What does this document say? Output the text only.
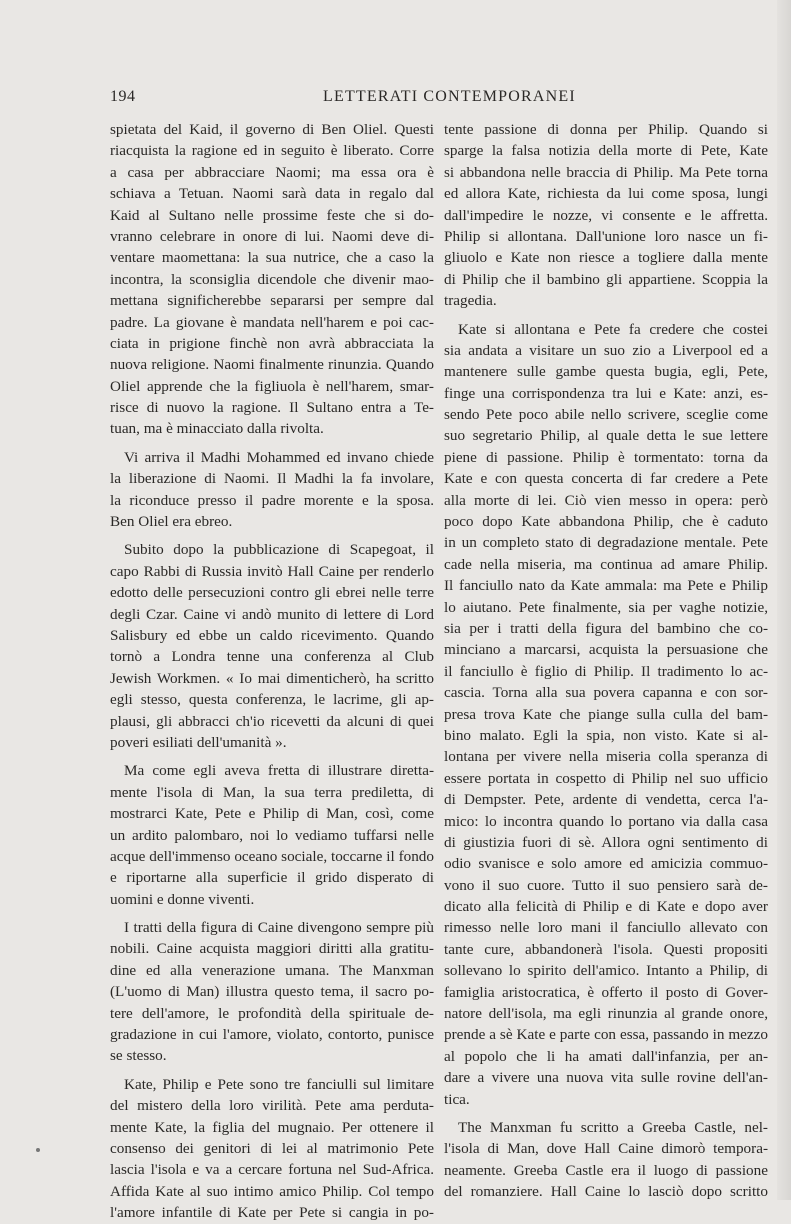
194	LETTERATI CONTEMPORANEI
spietata del Kaid, il governo di Ben Oliel. Questi
riacquista la ragione ed in seguito è liberato. Corre
a casa per abbracciare Naomi; ma essa ora è
schiava a Tetuan. Naomi sarà data in regalo dal
Kaid al Sultano nelle prossime feste che si do-
vranno celebrare in onore di lui. Naomi deve di-
ventare maomettana: la sua nutrice, che a caso la
incontra, la sconsiglia dicendole che divenir mao-
mettana significherebbe separarsi per sempre dal
padre. La giovane è mandata nell'harem e poi cac-
ciata in prigione finchè non avrà abbracciata la
nuova religione. Naomi finalmente rinunzia. Quando
Oliel apprende che la figliuola è nell'harem, smar-
risce di nuovo la ragione. Il Sultano entra a Te-
tuan, ma è minacciato dalla rivolta.
Vi arriva il Madhi Mohammed ed invano chiede
la liberazione di Naomi. Il Madhi la fa involare,
la riconduce presso il padre morente e la sposa.
Ben Oliel era ebreo.
Subito dopo la pubblicazione di Scapegoat, il
capo Rabbi di Russia invitò Hall Caine per renderlo
edotto delle persecuzioni contro gli ebrei nelle terre
degli Czar. Caine vi andò munito di lettere di Lord
Salisbury ed ebbe un caldo ricevimento. Quando
tornò a Londra tenne una conferenza al Club
Jewish Workmen. « Io mai dimenticherò, ha scritto
egli stesso, questa conferenza, le lacrime, gli ap-
plausi, gli abbracci ch'io ricevetti da alcuni di quei
poveri esiliati dell'umanità ».
Ma come egli aveva fretta di illustrare diretta-
mente l'isola di Man, la sua terra prediletta, di
mostrarci Kate, Pete e Philip di Man, così, come
un ardito palombaro, noi lo vediamo tuffarsi nelle
acque dell'immenso oceano sociale, toccarne il fondo
e riportarne alla superficie il grido disperato di
uomini e donne viventi.
I tratti della figura di Caine divengono sempre più
nobili. Caine acquista maggiori diritti alla gratitu-
dine ed alla venerazione umana. The Manxman
(L'uomo di Man) illustra questo tema, il sacro po-
tere dell'amore, le profondità della spirituale de-
gradazione in cui l'amore, violato, contorto, punisce
se stesso.
Kate, Philip e Pete sono tre fanciulli sul limitare
del mistero della loro virilità. Pete ama perduta-
mente Kate, la figlia del mugnaio. Per ottenere il
consenso dei genitori di lei al matrimonio Pete
lascia l'isola e va a cercare fortuna nel Sud-Africa.
Affida Kate al suo intimo amico Philip. Col tempo
l'amore infantile di Kate per Pete si cangia in po-
tente passione di donna per Philip. Quando si
sparge la falsa notizia della morte di Pete, Kate
si abbandona nelle braccia di Philip. Ma Pete torna
ed allora Kate, richiesta da lui come sposa, lungi
dall'impedire le nozze, vi consente e le affretta.
Philip si allontana. Dall'unione loro nasce un fi-
gliuolo e Kate non riesce a togliere dalla mente
di Philip che il bambino gli appartiene. Scoppia la
tragedia.
Kate si allontana e Pete fa credere che costei
sia andata a visitare un suo zio a Liverpool ed a
mantenere sulle gambe questa bugia, egli, Pete,
finge una corrispondenza tra lui e Kate: anzi, es-
sendo Pete poco abile nello scrivere, sceglie come
suo segretario Philip, al quale detta le sue lettere
piene di passione. Philip è tormentato: torna da
Kate e con questa concerta di far credere a Pete
alla morte di lei. Ciò vien messo in opera: però
poco dopo Kate abbandona Philip, che è caduto
in un completo stato di degradazione mentale. Pete
cade nella miseria, ma continua ad amare Philip.
Il fanciullo nato da Kate ammala: ma Pete e Philip
lo aiutano. Pete finalmente, sia per vaghe notizie,
sia per i tratti della figura del bambino che co-
minciano a marcarsi, acquista la persuasione che
il fanciullo è figlio di Philip. Il tradimento lo ac-
cascia. Torna alla sua povera capanna e con sor-
presa trova Kate che piange sulla culla del bam-
bino malato. Egli la spia, non visto. Kate si al-
lontana per vivere nella miseria colla speranza di
essere portata in cospetto di Philip nel suo ufficio
di Dempster. Pete, ardente di vendetta, cerca l'a-
mico: lo incontra quando lo portano via dalla casa
di giustizia fuori di sè. Allora ogni sentimento di
odio svanisce e solo amore ed amicizia commuo-
vono il suo cuore. Tutto il suo pensiero sarà de-
dicato alla felicità di Philip e di Kate e dopo aver
rimesso nelle loro mani il fanciullo allevato con
tante cure, abbandonerà l'isola. Questi propositi
sollevano lo spirito dell'amico. Intanto a Philip, di
famiglia aristocratica, è offerto il posto di Gover-
natore dell'isola, ma egli rinunzia al grande onore,
prende a sè Kate e parte con essa, passando in mezzo
al popolo che li ha amati dall'infanzia, per an-
dare a vivere una nuova vita sulle rovine dell'an-
tica.
The Manxman fu scritto a Greeba Castle, nel-
l'isola di Man, dove Hall Caine dimorò tempora-
neamente. Greeba Castle era il luogo di passione
del romanziere. Hall Caine lo lasciò dopo scritto
